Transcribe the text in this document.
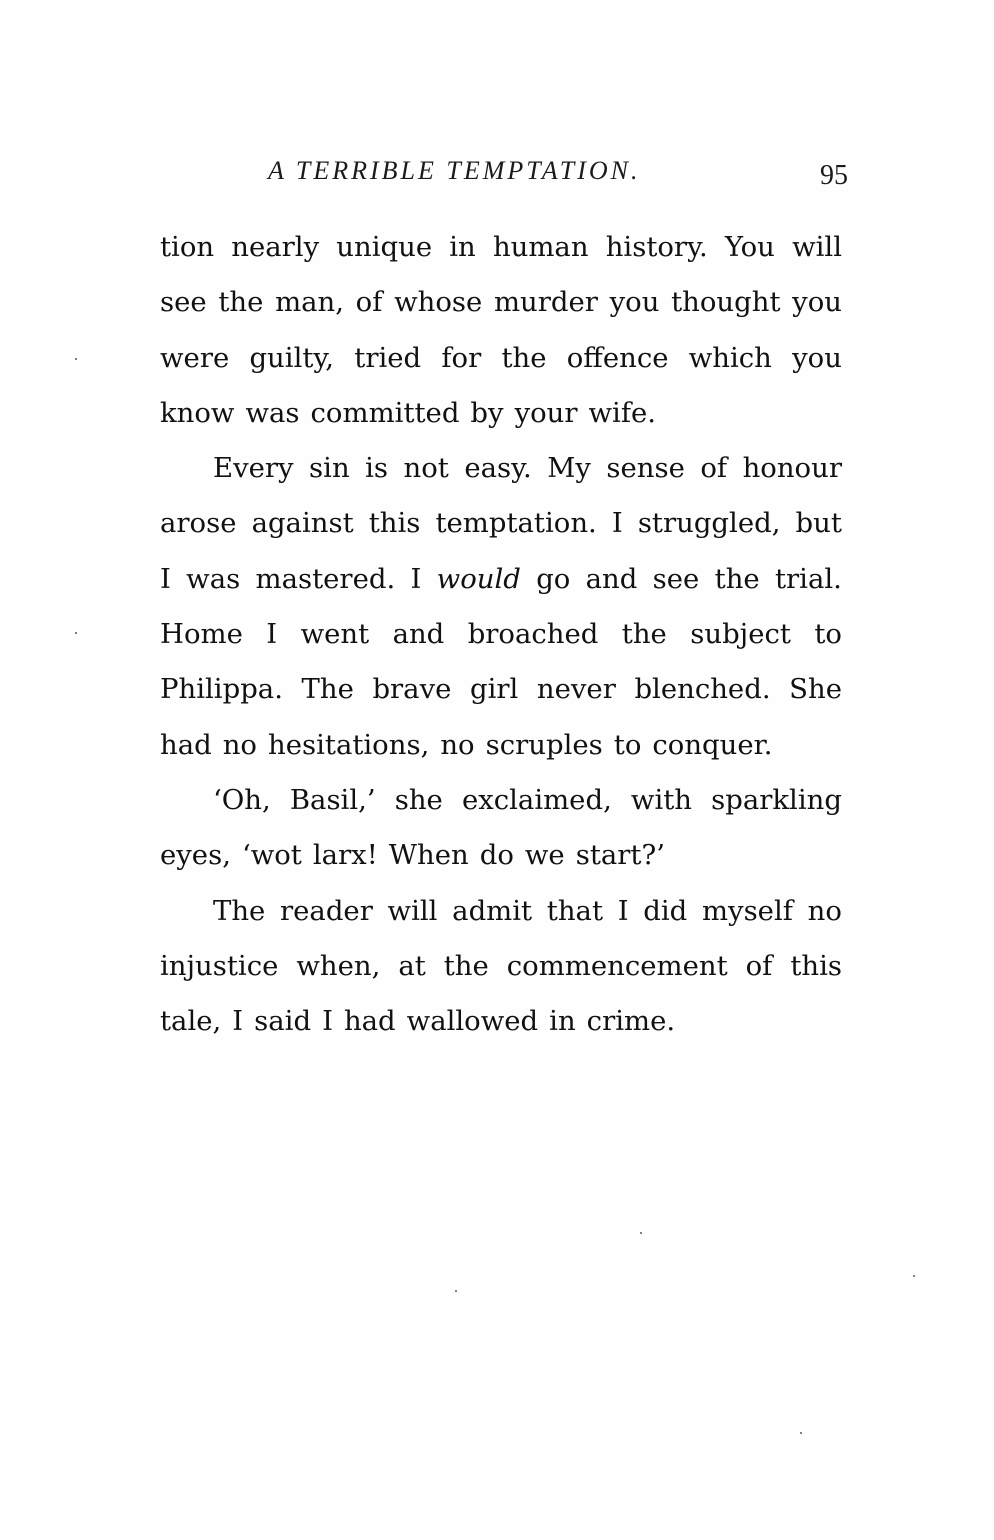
A TERRIBLE TEMPTATION.	95
tion nearly unique in human history. You will
see the man, of whose murder you thought you
were guilty, tried for the offence which you
know was committed by your wife.
Every sin is not easy. My sense of honour
arose against this temptation. I struggled, but
I was mastered. I would go and see the trial.
Home I went and broached the subject to
Philippa. The brave girl never blenched. She
had no hesitations, no scruples to conquer.
‘Oh, Basil,’ she exclaimed, with sparkling
eyes, ‘wot larx! When do we start?’
The reader will admit that I did myself no
injustice when, at the commencement of this
tale, I said I had wallowed in crime.
